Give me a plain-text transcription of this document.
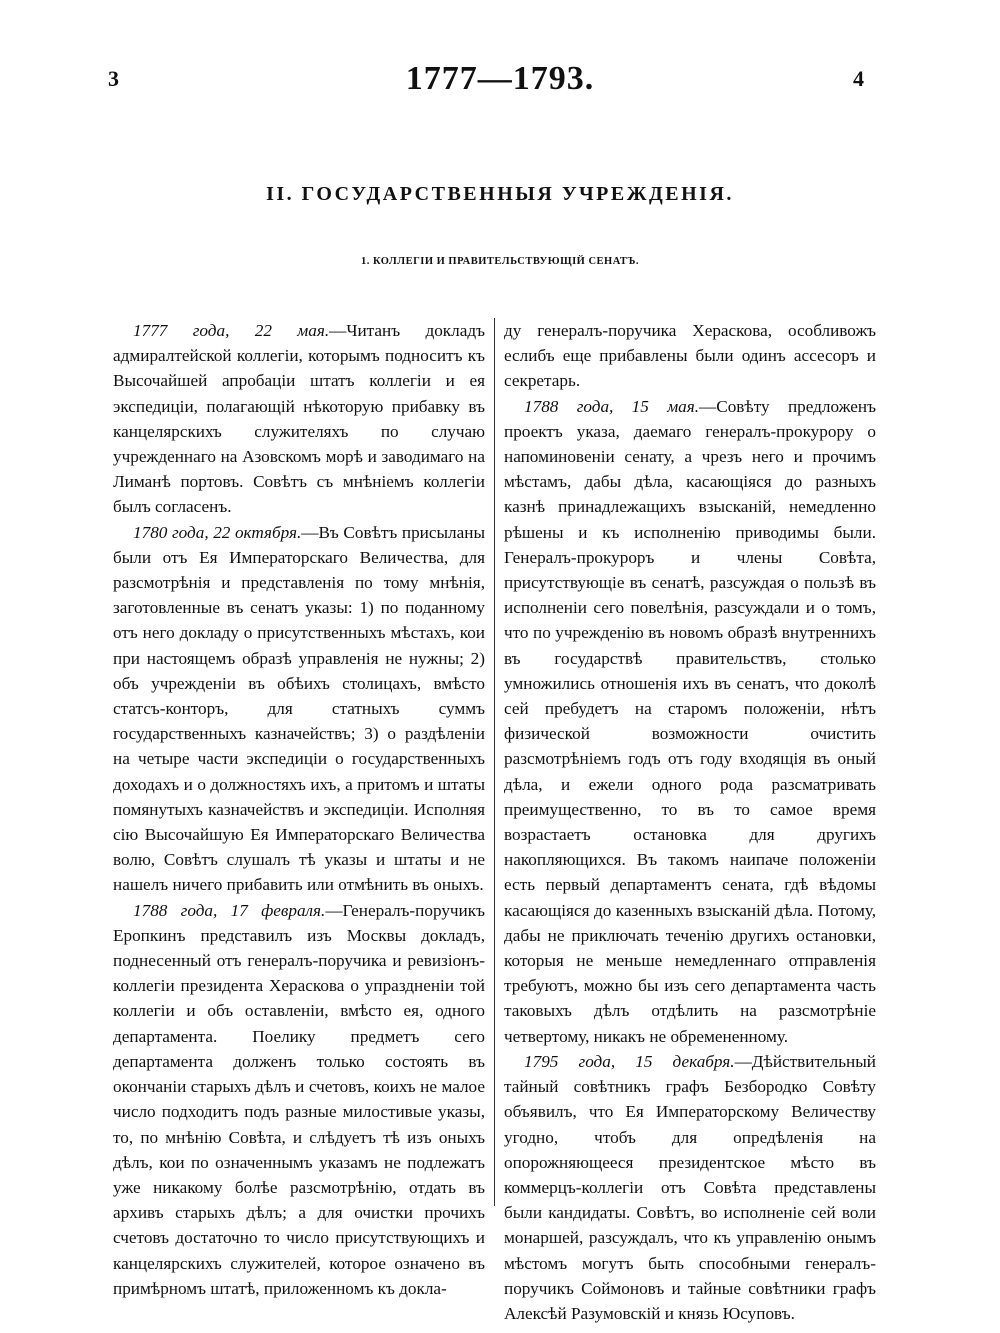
3	1777—1793.	4
II. ГОСУДАРСТВЕННЫЯ УЧРЕЖДЕНІЯ.
1. КОЛЛЕГІИ И ПРАВИТЕЛЬСТВУЮЩІЙ СЕНАТЪ.

1777 года, 22 мая.—Читанъ докладъ адмиралтейской коллегіи, которымъ подноситъ къ Высочайшей апробаціи штатъ коллегіи и ея экспедиціи, полагающій нѣкоторую прибавку въ канцелярскихъ служителяхъ по случаю учрежденнаго на Азовскомъ морѣ и заводимаго на Лиманѣ портовъ. Совѣтъ съ мнѣніемъ коллегіи былъ согласенъ.

1780 года, 22 октября.—Въ Совѣтъ присыланы были отъ Ея Императорскаго Величества, для разсмотрѣнія и представленія по тому мнѣнія, заготовленные въ сенатъ указы: 1) по поданному отъ него докладу о присутственныхъ мѣстахъ, кои при настоящемъ образѣ управленія не нужны; 2) объ учрежденіи въ обѣихъ столицахъ, вмѣсто статсъ-конторъ, для статныхъ суммъ государственныхъ казначействъ; 3) о раздѣленіи на четыре части экспедиціи о государственныхъ доходахъ и о должностяхъ ихъ, а притомъ и штаты помянутыхъ казначействъ и экспедиціи. Исполняя сію Высочайшую Ея Императорскаго Величества волю, Совѣтъ слушалъ тѣ указы и штаты и не нашелъ ничего прибавить или отмѣнить въ оныхъ.

1788 года, 17 февраля.—Генералъ-поручикъ Еропкинъ представилъ изъ Москвы докладъ, поднесенный отъ генералъ-поручика и ревизіонъ-коллегіи президента Хераскова о упраздненіи той коллегіи и объ оставленіи, вмѣсто ея, одного департамента. Поелику предметъ сего департамента долженъ только состоять въ окончаніи старыхъ дѣлъ и счетовъ, коихъ не малое число подходитъ подъ разные милостивые указы, то, по мнѣнію Совѣта, и слѣдуетъ тѣ изъ оныхъ дѣлъ, кои по означеннымъ указамъ не подлежатъ уже никакому болѣе разсмотрѣнію, отдать въ архивъ старыхъ дѣлъ; а для очистки прочихъ счетовъ достаточно то число присутствующихъ и канцелярскихъ служителей, которое означено въ примѣрномъ штатѣ, приложенномъ къ докла-

ду генералъ-поручика Хераскова, особливожъ еслибъ еще прибавлены были одинъ ассесоръ и секретарь.

1788 года, 15 мая.—Совѣту предложенъ проектъ указа, даемаго генералъ-прокурору о напоминовеніи сенату, а чрезъ него и прочимъ мѣстамъ, дабы дѣла, касающіяся до разныхъ казнѣ принадлежащихъ взысканій, немедленно рѣшены и къ исполненію приводимы были. Генералъ-прокуроръ и члены Совѣта, присутствующіе въ сенатѣ, разсуждая о пользѣ въ исполненіи сего повелѣнія, разсуждали и о томъ, что по учрежденію въ новомъ образѣ внутреннихъ въ государствѣ правительствъ, столько умножились отношенія ихъ въ сенатъ, что доколѣ сей пребудетъ на старомъ положеніи, нѣтъ физической возможности очистить разсмотрѣніемъ годъ отъ году входящія въ оный дѣла, и ежели одного рода разсматривать преимущественно, то въ то самое время возрастаетъ остановка для другихъ накопляющихся. Въ такомъ наипаче положеніи есть первый департаментъ сената, гдѣ вѣдомы касающіяся до казенныхъ взысканій дѣла. Потому, дабы не приключать теченію другихъ остановки, которыя не меньше немедленнаго отправленія требуютъ, можно бы изъ сего департамента часть таковыхъ дѣлъ отдѣлить на разсмотрѣніе четвертому, никакъ не обремененному.

1795 года, 15 декабря.—Дѣйствительный тайный совѣтникъ графъ Безбородко Совѣту объявилъ, что Ея Императорскому Величеству угодно, чтобъ для опредѣленія на опорожняющееся президентское мѣсто въ коммерцъ-коллегіи отъ Совѣта представлены были кандидаты. Совѣтъ, во исполненіе сей воли монаршей, разсуждалъ, что къ управленію онымъ мѣстомъ могутъ быть способными генералъ-поручикъ Соймоновъ и тайные совѣтники графъ Алексѣй Разумовскій и князь Юсуповъ.
